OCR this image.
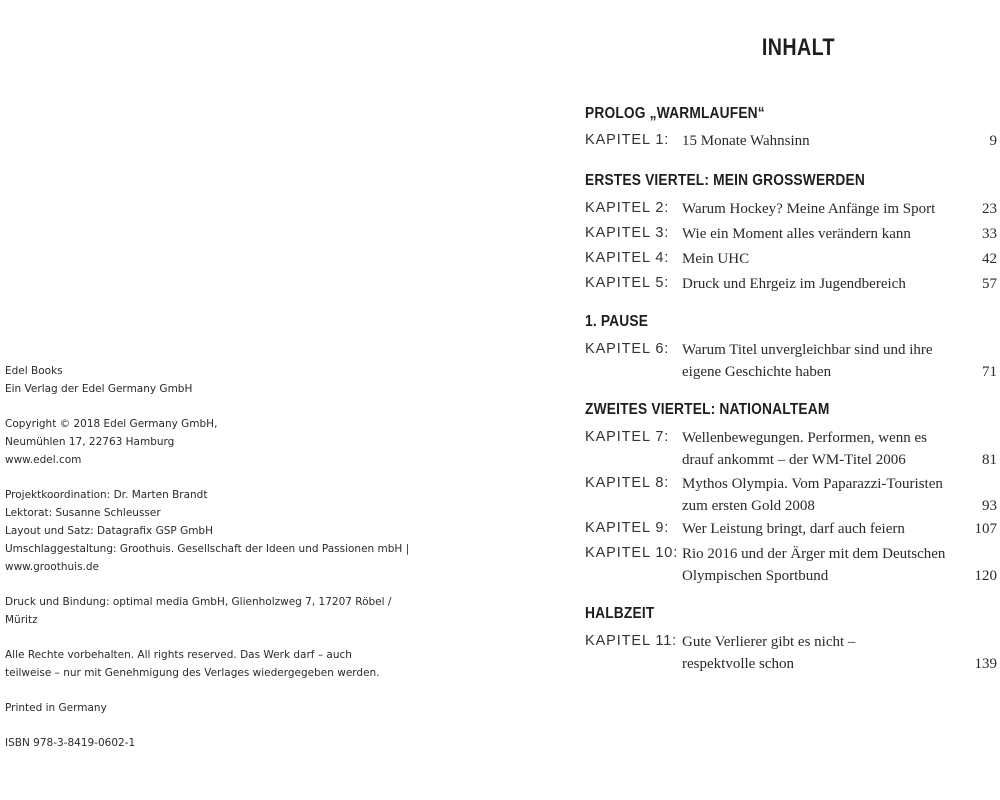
Edel Books
Ein Verlag der Edel Germany GmbH
Copyright © 2018 Edel Germany GmbH,
Neumühlen 17, 22763 Hamburg
www.edel.com
Projektkoordination: Dr. Marten Brandt
Lektorat: Susanne Schleusser
Layout und Satz: Datagrafix GSP GmbH
Umschlaggestaltung: Groothuis. Gesellschaft der Ideen und Passionen mbH |
www.groothuis.de
Druck und Bindung: optimal media GmbH, Glienholzweg 7, 17207 Röbel /
Müritz
Alle Rechte vorbehalten. All rights reserved. Das Werk darf – auch
teilweise – nur mit Genehmigung des Verlages wiedergegeben werden.
Printed in Germany
ISBN 978-3-8419-0602-1
INHALT
PROLOG „WARMLAUFEN“
KAPITEL 1: 15 Monate Wahnsinn	9
ERSTES VIERTEL: MEIN GROSSWERDEN
KAPITEL 2: Warum Hockey? Meine Anfänge im Sport	23
KAPITEL 3: Wie ein Moment alles verändern kann	33
KAPITEL 4: Mein UHC	42
KAPITEL 5: Druck und Ehrgeiz im Jugendbereich	57
1. PAUSE
KAPITEL 6: Warum Titel unvergleichbar sind und ihre
eigene Geschichte haben	71
ZWEITES VIERTEL: NATIONALTEAM
KAPITEL 7: Wellenbewegungen. Performen, wenn es
drauf ankommt – der WM-Titel 2006	81
KAPITEL 8: Mythos Olympia. Vom Paparazzi-Touristen
zum ersten Gold 2008	93
KAPITEL 9: Wer Leistung bringt, darf auch feiern	107
KAPITEL 10: Rio 2016 und der Ärger mit dem Deutschen
Olympischen Sportbund	120
HALBZEIT
KAPITEL 11: Gute Verlierer gibt es nicht –
respektvolle schon	139
